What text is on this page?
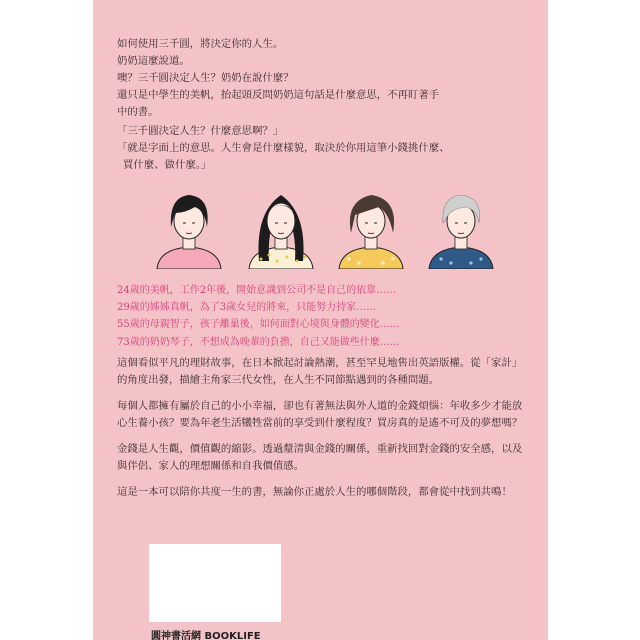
如何使用三千圓，將決定你的人生。

奶奶這麼說道。

噢？三千圓決定人生？奶奶在說什麼？

還只是中學生的美帆，抬起頭反問奶奶這句話是什麼意思，不再盯著手

中的書。

「三千圓決定人生？什麼意思啊？」

「就是字面上的意思。人生會是什麼樣貌，取決於你用這筆小錢挑什麼、

買什麼、做什麼。」

24歲的美帆，工作2年後，開始意識到公司不是自己的依靠……

29歲的姊姊真帆，為了3歲女兒的將來，只能努力持家……

55歲的母親智子，孩子離巢後，如何面對心境與身體的變化……

73歲的奶奶琴子，不想成為晚輩的負擔，自己又能做些什麼……

這個看似平凡的理財故事，在日本掀起討論熱潮，甚至罕見地售出英語版權。從「家計」的角度出發，描繪主角家三代女性，在人生不同節點遇到的各種問題。

每個人都擁有屬於自己的小小幸福，卻也有著無法與外人道的金錢煩惱：年收多少才能放心生養小孩？要為年老生活犧牲當前的享受到什麼程度？買房真的是遙不可及的夢想嗎？

金錢是人生觀，價值觀的縮影。透過釐清與金錢的關係，重新找回對金錢的安全感，以及與伴侶、家人的理想關係和自我價值感。

這是一本可以陪你共度一生的書，無論你正處於人生的哪個階段，都會從中找到共鳴！

圓神書活網 BOOKLIFE
